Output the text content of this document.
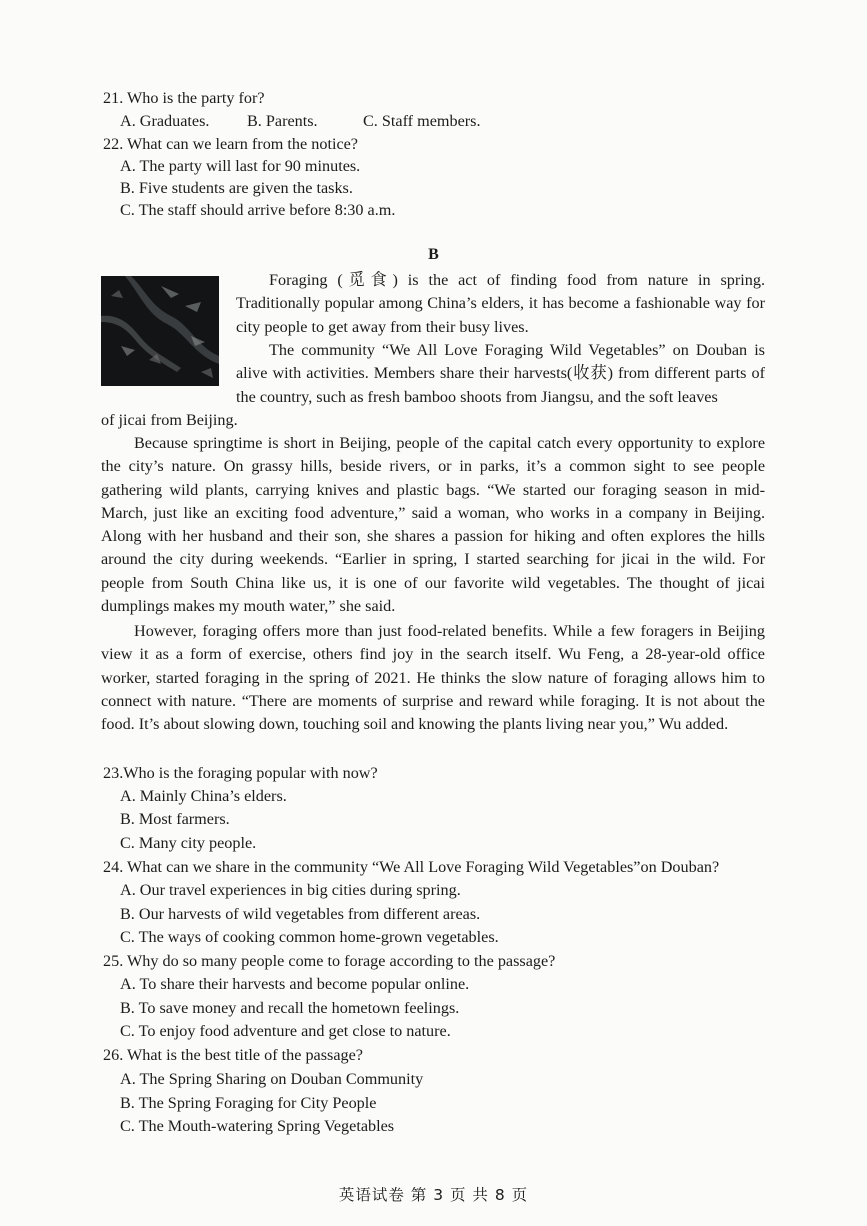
21. Who is the party for?
A. Graduates. B. Parents.	C. Staff members.
22. What can we learn from the notice?
A. The party will last for 90 minutes.
B. Five students are given the tasks.
C. The staff should arrive before 8:30 a.m.
B
Foraging (觅食) is the act of finding food from nature in spring. Traditionally popular among China’s elders, it has become a fashionable way for city people to get away from their busy lives.
The community “We All Love Foraging Wild Vegetables” on Douban is alive with activities. Members share their harvests(收获) from different parts of the country, such as fresh bamboo shoots from Jiangsu, and the soft leaves
of jicai from Beijing.
Because springtime is short in Beijing, people of the capital catch every opportunity to explore the city’s nature. On grassy hills, beside rivers, or in parks, it’s a common sight to see people gathering wild plants, carrying knives and plastic bags. “We started our foraging season in mid-March, just like an exciting food adventure,” said a woman, who works in a company in Beijing. Along with her husband and their son, she shares a passion for hiking and often explores the hills around the city during weekends. “Earlier in spring, I started searching for jicai in the wild. For people from South China like us, it is one of our favorite wild vegetables. The thought of jicai dumplings makes my mouth water,” she said.
However, foraging offers more than just food-related benefits. While a few foragers in Beijing view it as a form of exercise, others find joy in the search itself. Wu Feng, a 28-year-old office worker, started foraging in the spring of 2021. He thinks the slow nature of foraging allows him to connect with nature. “There are moments of surprise and reward while foraging. It is not about the food. It’s about slowing down, touching soil and knowing the plants living near you,” Wu added.
23.Who is the foraging popular with now?
A. Mainly China’s elders.
B. Most farmers.
C. Many city people.
24. What can we share in the community “We All Love Foraging Wild Vegetables”on Douban?
A. Our travel experiences in big cities during spring.
B. Our harvests of wild vegetables from different areas.
C. The ways of cooking common home-grown vegetables.
25. Why do so many people come to forage according to the passage?
A. To share their harvests and become popular online.
B. To save money and recall the hometown feelings.
C. To enjoy food adventure and get close to nature.
26. What is the best title of the passage?
A. The Spring Sharing on Douban Community
B. The Spring Foraging for City People
C. The Mouth-watering Spring Vegetables
英语试卷 第 3 页 共 8 页
